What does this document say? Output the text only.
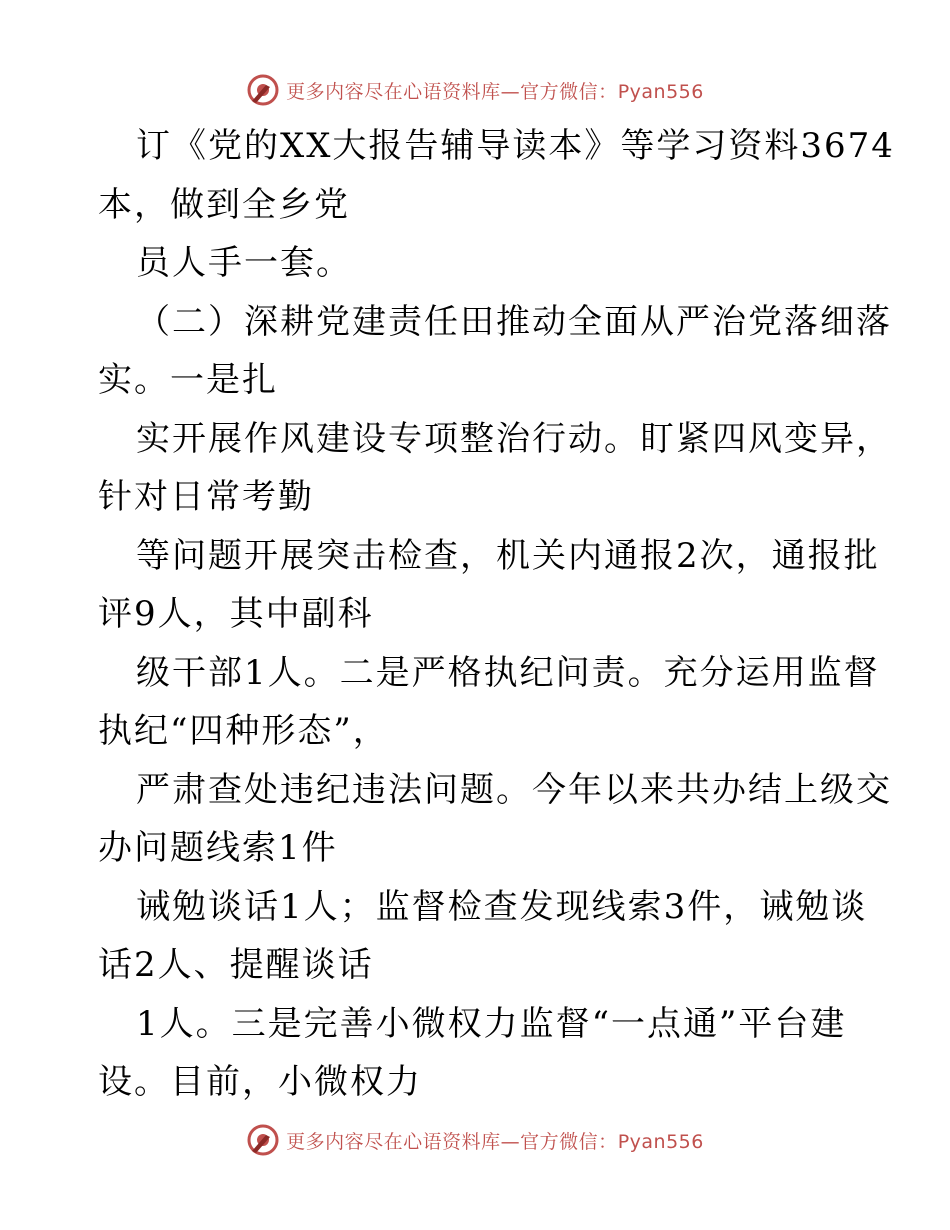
更多内容尽在心语资料库—官方微信：Pyan556
订《党的XX大报告辅导读本》等学习资料3674
本，做到全乡党
员人手一套。
（二）深耕党建责任田推动全面从严治党落细落
实。一是扎
实开展作风建设专项整治行动。盯紧四风变异，
针对日常考勤
等问题开展突击检查，机关内通报2次，通报批
评9人，其中副科
级干部1人。二是严格执纪问责。充分运用监督
执纪“四种形态”，
严肃查处违纪违法问题。今年以来共办结上级交
办问题线索1件
诫勉谈话1人；监督检查发现线索3件，诫勉谈
话2人、提醒谈话
1人。三是完善小微权力监督“一点通”平台建
设。目前，小微权力
更多内容尽在心语资料库—官方微信：Pyan556
